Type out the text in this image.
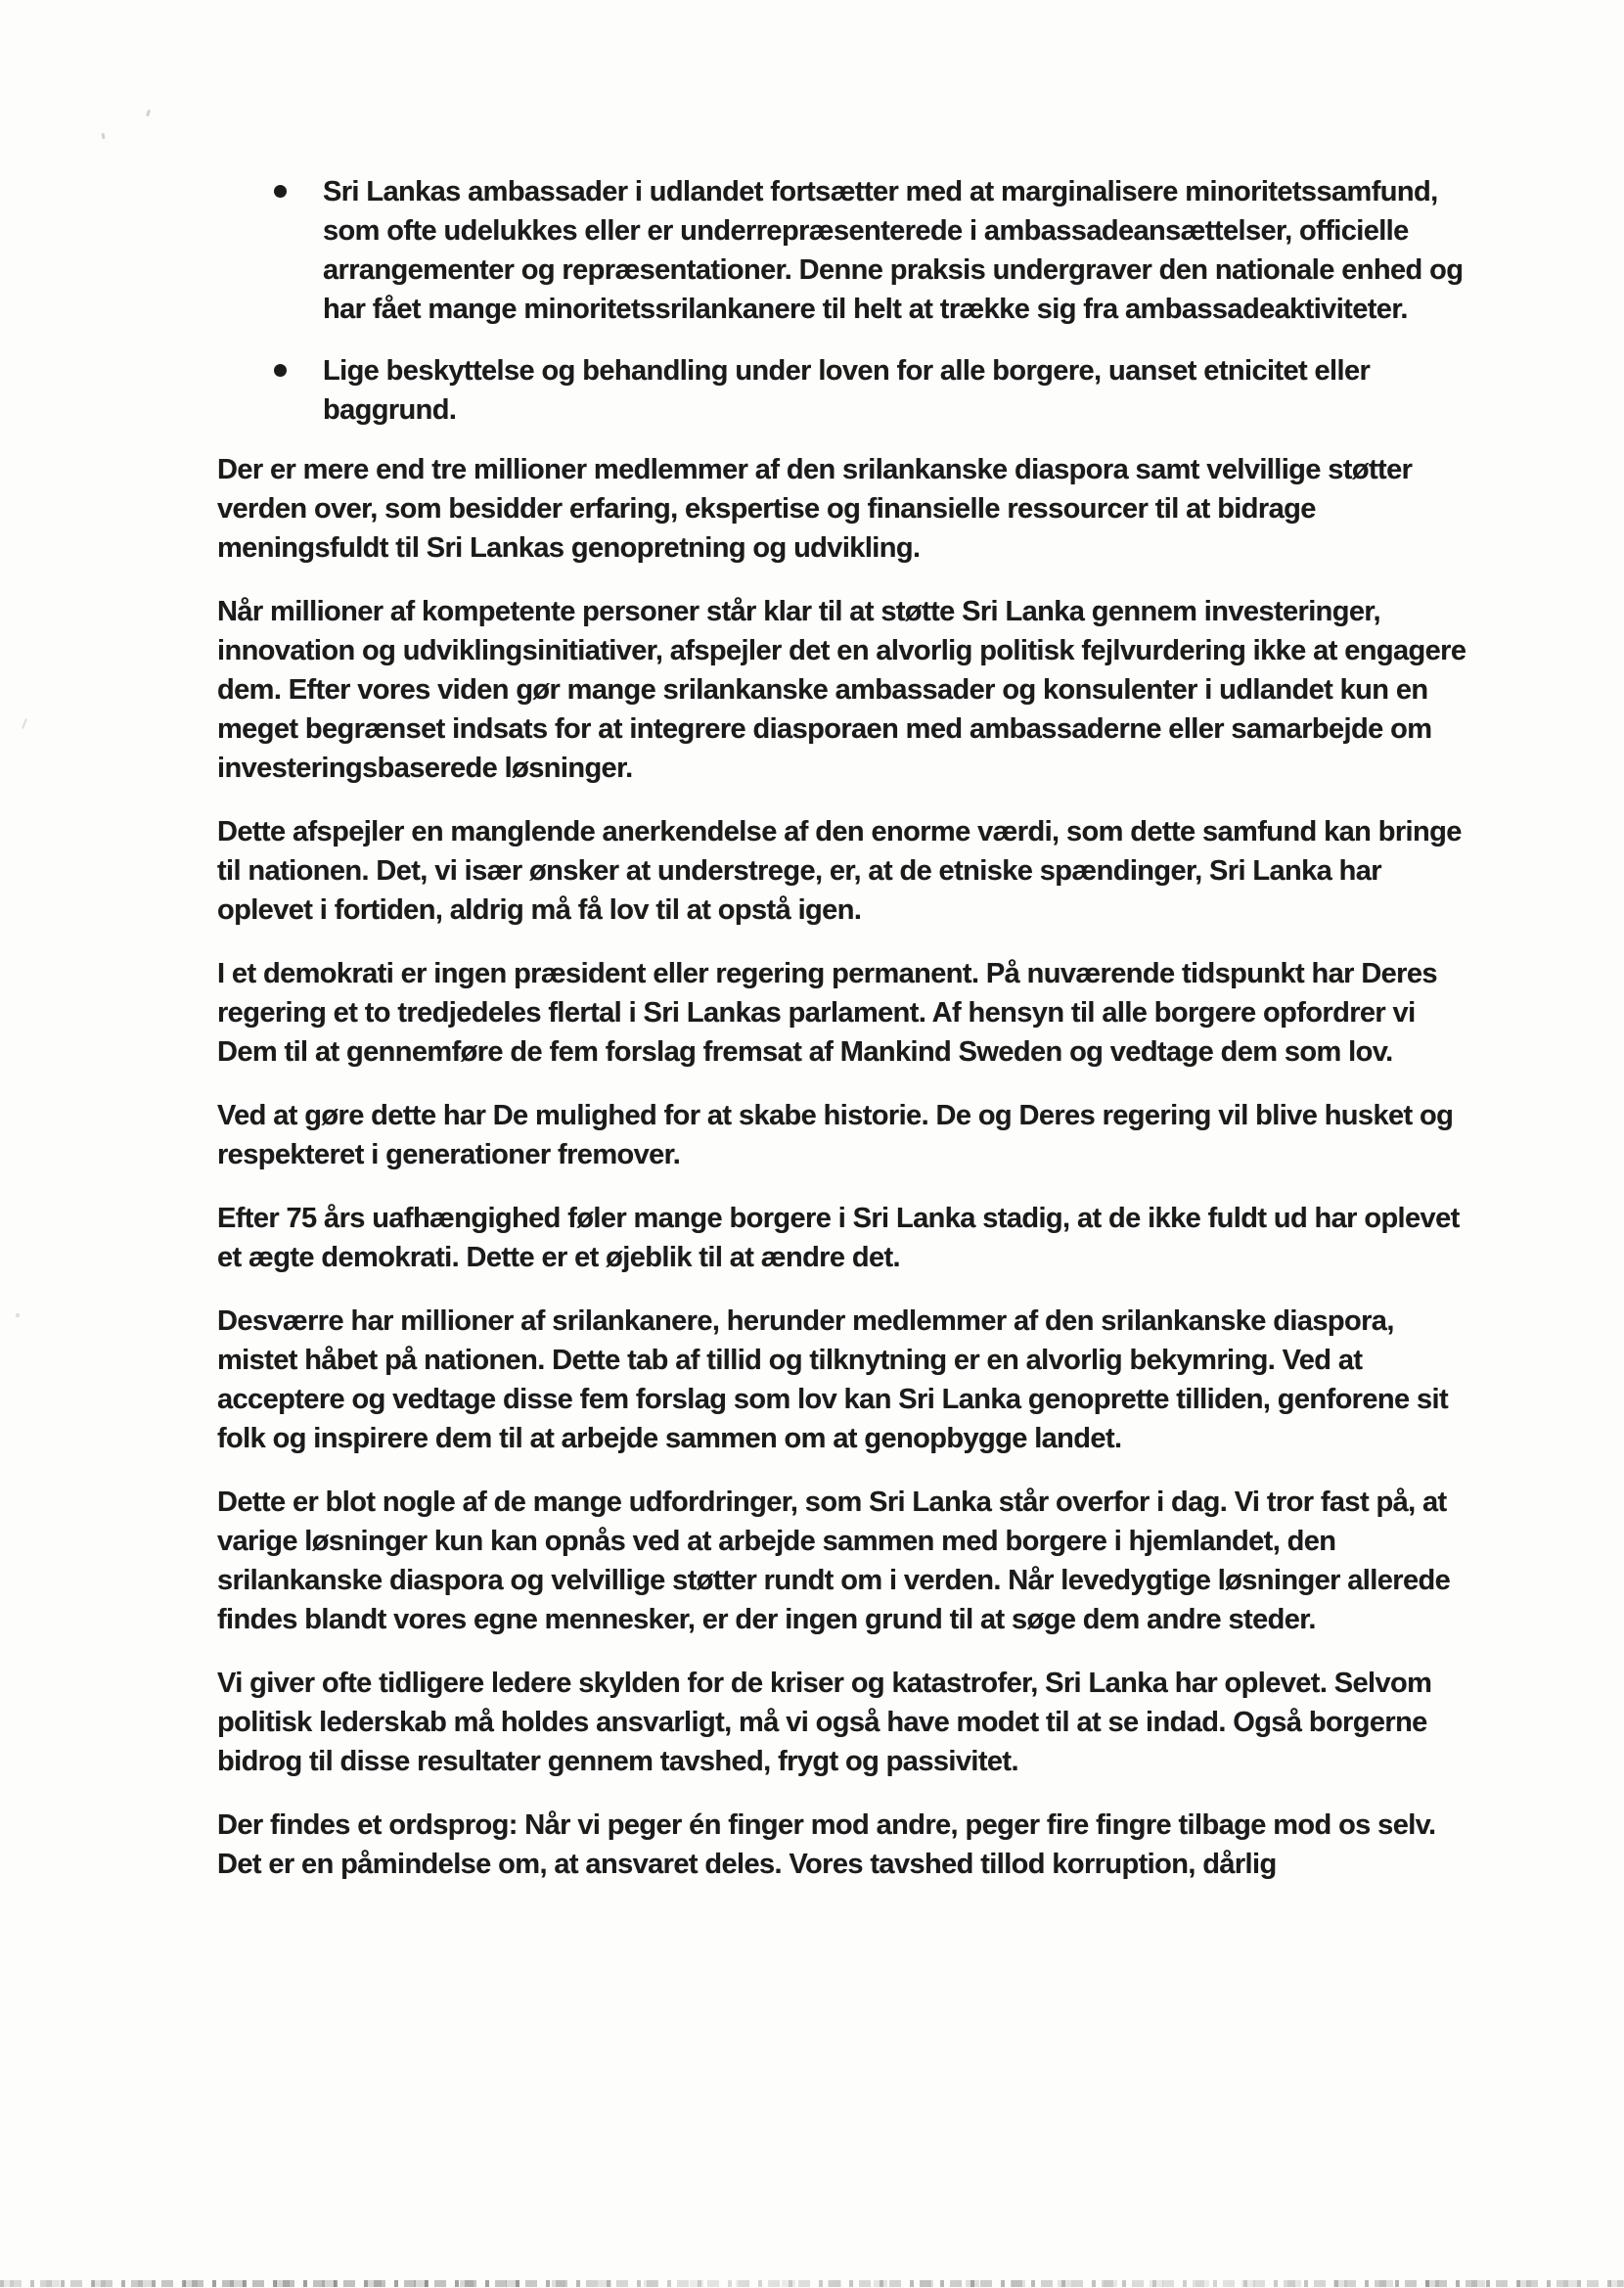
Sri Lankas ambassader i udlandet fortsætter med at marginalisere minoritetssamfund, som ofte udelukkes eller er underrepræsenterede i ambassadeansættelser, officielle arrangementer og repræsentationer. Denne praksis undergraver den nationale enhed og har fået mange minoritetssrilankanere til helt at trække sig fra ambassadeaktiviteter.
Lige beskyttelse og behandling under loven for alle borgere, uanset etnicitet eller baggrund.

Der er mere end tre millioner medlemmer af den srilankanske diaspora samt velvillige støtter verden over, som besidder erfaring, ekspertise og finansielle ressourcer til at bidrage meningsfuldt til Sri Lankas genopretning og udvikling.

Når millioner af kompetente personer står klar til at støtte Sri Lanka gennem investeringer, innovation og udviklingsinitiativer, afspejler det en alvorlig politisk fejlvurdering ikke at engagere dem. Efter vores viden gør mange srilankanske ambassader og konsulenter i udlandet kun en meget begrænset indsats for at integrere diasporaen med ambassaderne eller samarbejde om investeringsbaserede løsninger.

Dette afspejler en manglende anerkendelse af den enorme værdi, som dette samfund kan bringe til nationen. Det, vi især ønsker at understrege, er, at de etniske spændinger, Sri Lanka har oplevet i fortiden, aldrig må få lov til at opstå igen.

I et demokrati er ingen præsident eller regering permanent. På nuværende tidspunkt har Deres regering et to tredjedeles flertal i Sri Lankas parlament. Af hensyn til alle borgere opfordrer vi Dem til at gennemføre de fem forslag fremsat af Mankind Sweden og vedtage dem som lov.

Ved at gøre dette har De mulighed for at skabe historie. De og Deres regering vil blive husket og respekteret i generationer fremover.

Efter 75 års uafhængighed føler mange borgere i Sri Lanka stadig, at de ikke fuldt ud har oplevet et ægte demokrati. Dette er et øjeblik til at ændre det.

Desværre har millioner af srilankanere, herunder medlemmer af den srilankanske diaspora, mistet håbet på nationen. Dette tab af tillid og tilknytning er en alvorlig bekymring. Ved at acceptere og vedtage disse fem forslag som lov kan Sri Lanka genoprette tilliden, genforene sit folk og inspirere dem til at arbejde sammen om at genopbygge landet.

Dette er blot nogle af de mange udfordringer, som Sri Lanka står overfor i dag. Vi tror fast på, at varige løsninger kun kan opnås ved at arbejde sammen med borgere i hjemlandet, den srilankanske diaspora og velvillige støtter rundt om i verden. Når levedygtige løsninger allerede findes blandt vores egne mennesker, er der ingen grund til at søge dem andre steder.

Vi giver ofte tidligere ledere skylden for de kriser og katastrofer, Sri Lanka har oplevet. Selvom politisk lederskab må holdes ansvarligt, må vi også have modet til at se indad. Også borgerne bidrog til disse resultater gennem tavshed, frygt og passivitet.

Der findes et ordsprog: Når vi peger én finger mod andre, peger fire fingre tilbage mod os selv. Det er en påmindelse om, at ansvaret deles. Vores tavshed tillod korruption, dårlig
